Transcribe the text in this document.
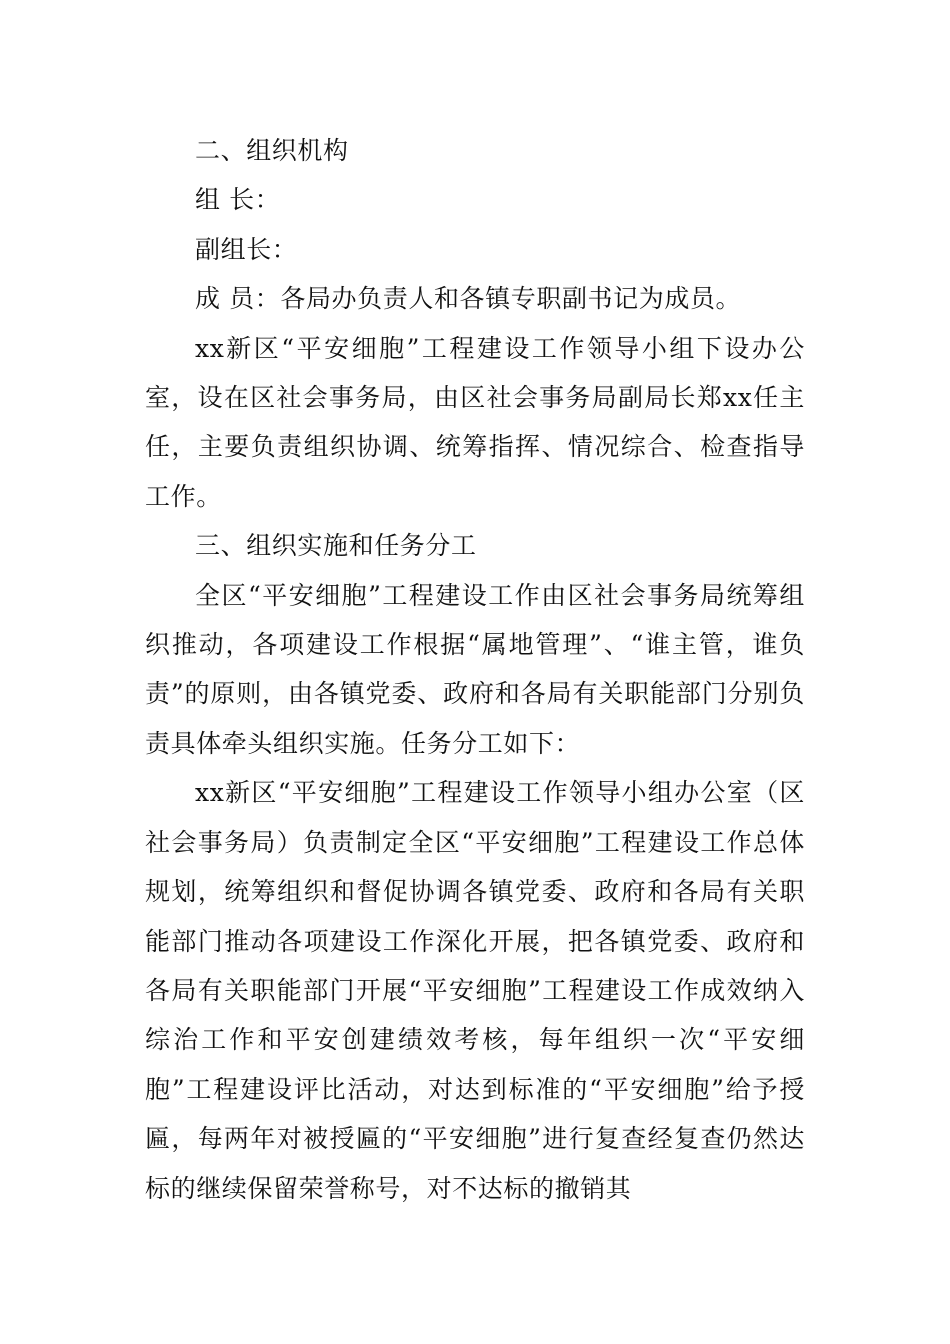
二、组织机构

组 长：

副组长：

成 员：各局办负责人和各镇专职副书记为成员。

xx新区“平安细胞”工程建设工作领导小组下设办公室，设在区社会事务局，由区社会事务局副局长郑xx任主任，主要负责组织协调、统筹指挥、情况综合、检查指导工作。

三、组织实施和任务分工

全区“平安细胞”工程建设工作由区社会事务局统筹组织推动，各项建设工作根据“属地管理”、“谁主管，谁负责”的原则，由各镇党委、政府和各局有关职能部门分别负责具体牵头组织实施。任务分工如下：

xx新区“平安细胞”工程建设工作领导小组办公室（区社会事务局）负责制定全区“平安细胞”工程建设工作总体规划，统筹组织和督促协调各镇党委、政府和各局有关职能部门推动各项建设工作深化开展，把各镇党委、政府和各局有关职能部门开展“平安细胞”工程建设工作成效纳入综治工作和平安创建绩效考核，每年组织一次“平安细胞”工程建设评比活动，对达到标准的“平安细胞”给予授匾，每两年对被授匾的“平安细胞”进行复查经复查仍然达标的继续保留荣誉称号，对不达标的撤销其
